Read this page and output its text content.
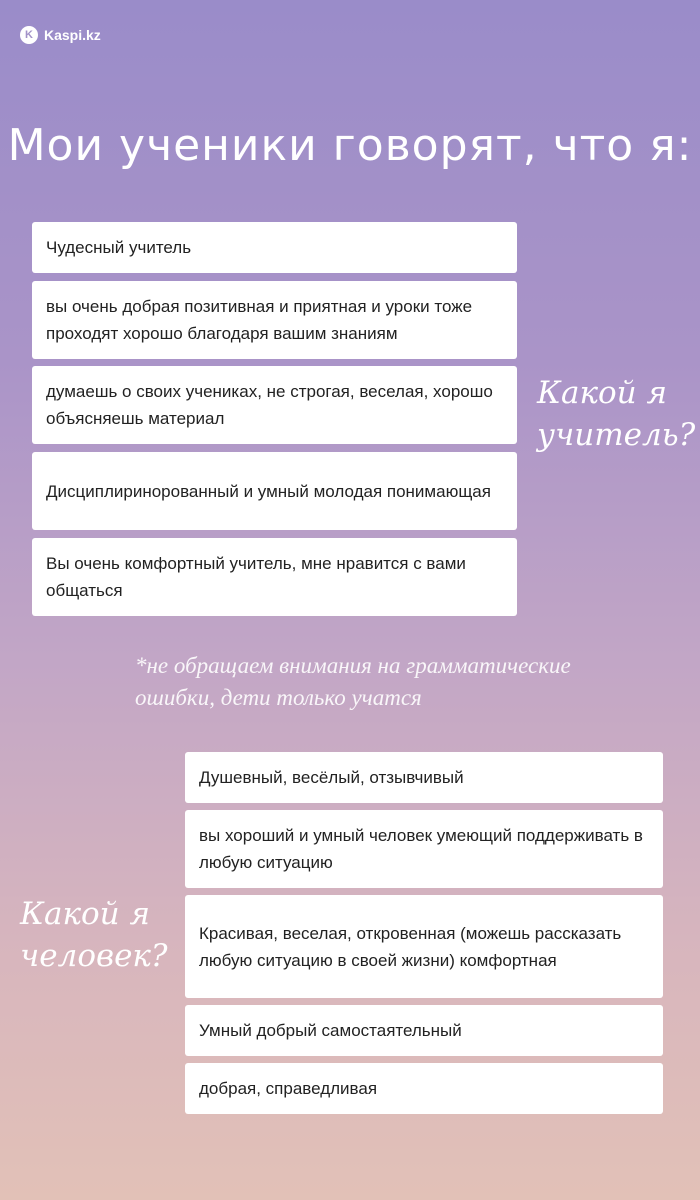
K Kaspi.kz
Мои ученики говорят, что я:
Чудесный учитель
вы очень добрая позитивная и приятная и уроки тоже проходят хорошо благодаря вашим знаниям
думаешь о своих учениках, не строгая, веселая, хорошо объясняешь материал
Дисциплиринорованный и умный молодая понимающая
Вы очень комфортный учитель, мне нравится с вами общаться
Какой я
учитель?
*не обращаем внимания на грамматические ошибки, дети только учатся
Душевный, весёлый, отзывчивый
вы хороший и умный человек умеющий поддерживать в любую ситуацию
Красивая, веселая, откровенная (можешь рассказать любую ситуацию в своей жизни) комфортная
Умный добрый самостаятельный
добрая, справедливая
Какой я
человек?
